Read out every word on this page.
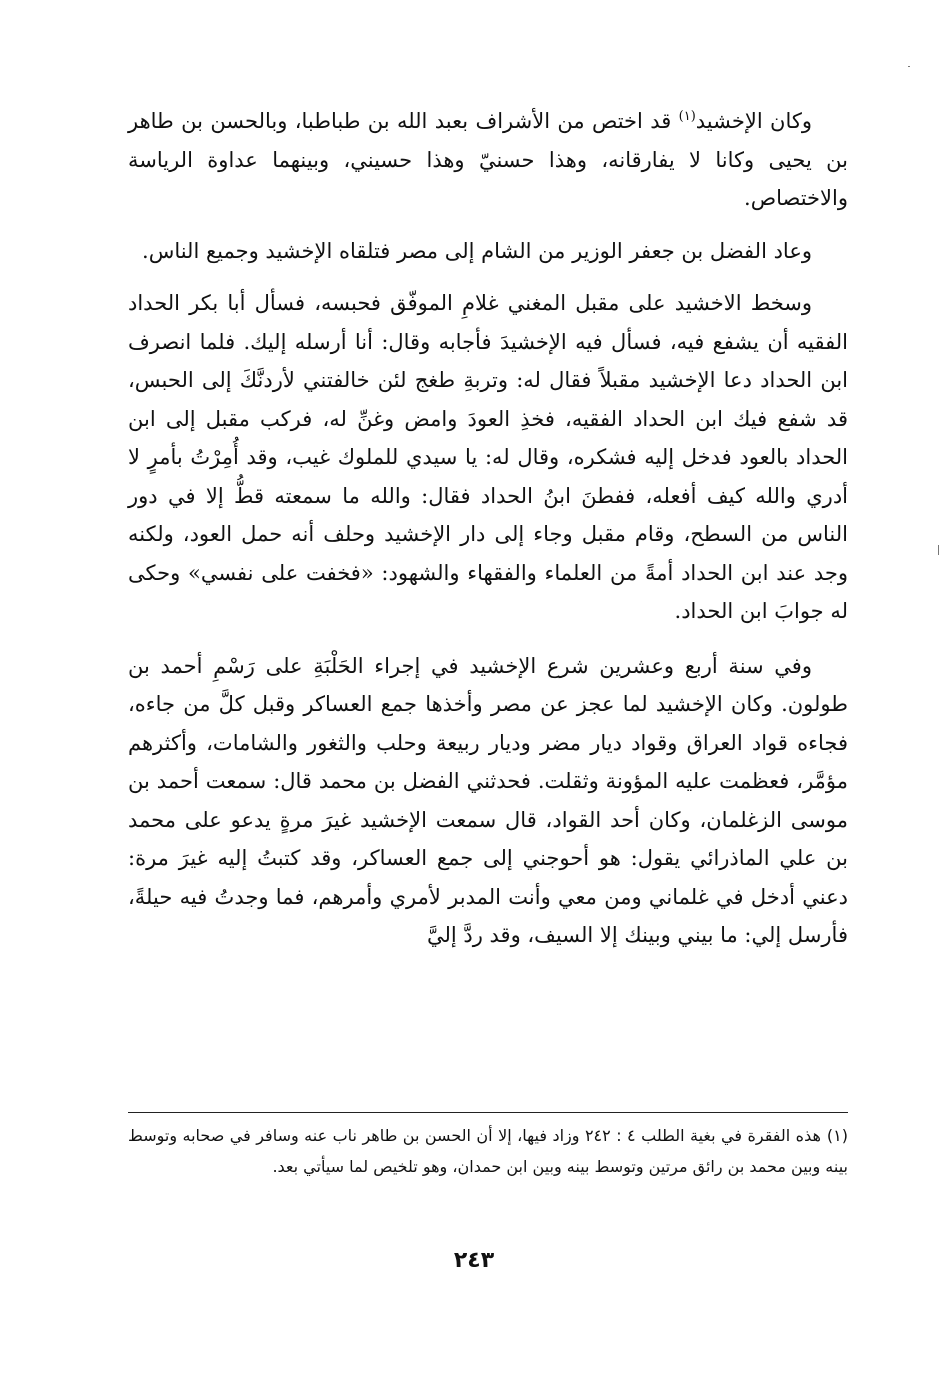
وكان الإخشيد$^{(١)}$ قد اختص من الأشراف بعبد الله بن طباطبا، وبالحسن بن طاهر بن يحيى وكانا لا يفارقانه، وهذا حسنيّ وهذا حسيني، وبينهما عداوة الرياسة والاختصاص.

وعاد الفضل بن جعفر الوزير من الشام إلى مصر فتلقاه الإخشيد وجميع الناس.

وسخط الاخشيد على مقبل المغني غلامِ الموفّق فحبسه، فسأل أبا بكر الحداد الفقيه أن يشفع فيه، فسأل فيه الإخشيدَ فأجابه وقال: أنا أرسله إليك. فلما انصرف ابن الحداد دعا الإخشيد مقبلاً فقال له: وتربةِ طغج لئن خالفتني لأردنَّكَ إلى الحبس، قد شفع فيك ابن الحداد الفقيه، فخذِ العودَ وامض وغنِّ له، فركب مقبل إلى ابن الحداد بالعود فدخل إليه فشكره، وقال له: يا سيدي للملوك غيب، وقد أُمِرْتُ بأمرٍ لا أدري والله كيف أفعله، ففطنَ ابنُ الحداد فقال: والله ما سمعته قطُّ إلا في دور الناس من السطح، وقام مقبل وجاء إلى دار الإخشيد وحلف أنه حمل العود، ولكنه وجد عند ابن الحداد أمةً من العلماء والفقهاء والشهود: «فخفت على نفسي» وحكى له جوابَ ابن الحداد.

وفي سنة أربع وعشرين شرع الإخشيد في إجراء الحَلْبَةِ على رَسْمِ أحمد بن طولون. وكان الإخشيد لما عجز عن مصر وأخذها جمع العساكر وقبل كلَّ من جاءه، فجاءه قواد العراق وقواد ديار مضر وديار ربيعة وحلب والثغور والشامات، وأكثرهم مؤمَّر، فعظمت عليه المؤونة وثقلت. فحدثني الفضل بن محمد قال: سمعت أحمد بن موسى الزغلمان، وكان أحد القواد، قال سمعت الإخشيد غيرَ مرةٍ يدعو على محمد بن علي الماذرائي يقول: هو أحوجني إلى جمع العساكر، وقد كتبتُ إليه غيرَ مرة: دعني أدخل في غلماني ومن معي وأنت المدبر لأمري وأمرهم، فما وجدتُ فيه حيلةً، فأرسل إلي: ما بيني وبينك إلا السيف، وقد ردَّ إليَّ

(١)هذه الفقرة في بغية الطلب ٤ : ٢٤٢ وزاد فيها، إلا أن الحسن بن طاهر ناب عنه وسافر في صحابه وتوسط بينه وبين محمد بن رائق مرتين وتوسط بينه وبين ابن حمدان، وهو تلخيص لما سيأتي بعد.

٢٤٣
